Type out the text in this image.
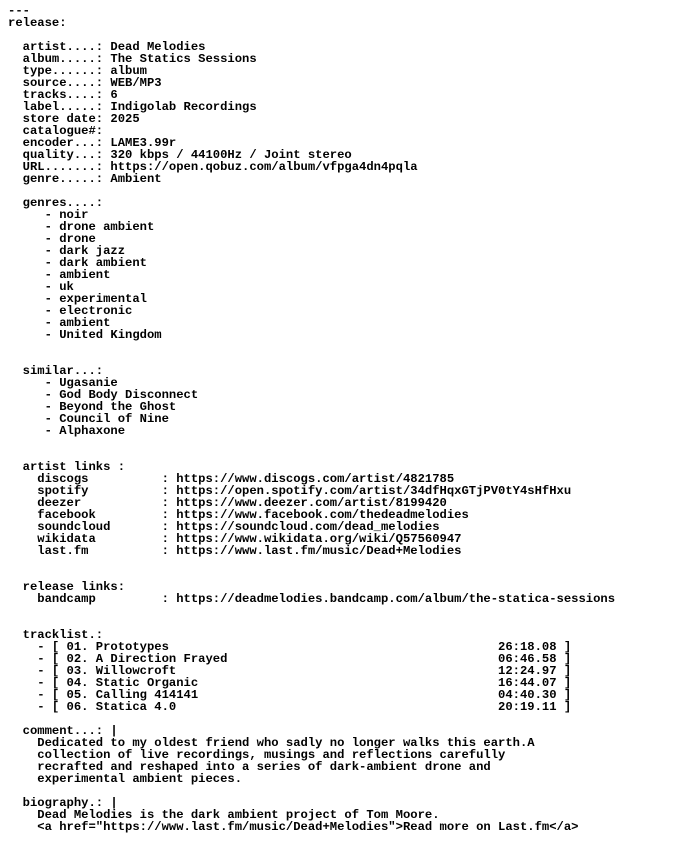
---
release:
artist....: Dead Melodies
album.....: The Statics Sessions
type......: album
source....: WEB/MP3
tracks....: 6
label.....: Indigolab Recordings
store date: 2025
catalogue#:
encoder...: LAME3.99r
quality...: 320 kbps / 44100Hz / Joint stereo
URL.......: https://open.qobuz.com/album/vfpga4dn4pqla
genre.....: Ambient
genres....:
- noir
- drone ambient
- drone
- dark jazz
- dark ambient
- ambient
- uk
- experimental
- electronic
- ambient
- United Kingdom
similar...:
- Ugasanie
- God Body Disconnect
- Beyond the Ghost
- Council of Nine
- Alphaxone
artist links :
discogs          : https://www.discogs.com/artist/4821785
spotify          : https://open.spotify.com/artist/34dfHqxGTjPV0tY4sHfHxu
deezer           : https://www.deezer.com/artist/8199420
facebook         : https://www.facebook.com/thedeadmelodies
soundcloud       : https://soundcloud.com/dead_melodies
wikidata         : https://www.wikidata.org/wiki/Q57560947
last.fm          : https://www.last.fm/music/Dead+Melodies
release links:
bandcamp         : https://deadmelodies.bandcamp.com/album/the-statica-sessions
tracklist.:
- [ 01. Prototypes                                             26:18.08 ]
- [ 02. A Direction Frayed                                     06:46.58 ]
- [ 03. Willowcroft                                            12:24.97 ]
- [ 04. Static Organic                                         16:44.07 ]
- [ 05. Calling 414141                                         04:40.30 ]
- [ 06. Statica 4.0                                            20:19.11 ]
comment...: |
Dedicated to my oldest friend who sadly no longer walks this earth.A
collection of live recordings, musings and reflections carefully
recrafted and reshaped into a series of dark-ambient drone and
experimental ambient pieces.
biography.: |
Dead Melodies is the dark ambient project of Tom Moore.
<a href="https://www.last.fm/music/Dead+Melodies">Read more on Last.fm</a>
